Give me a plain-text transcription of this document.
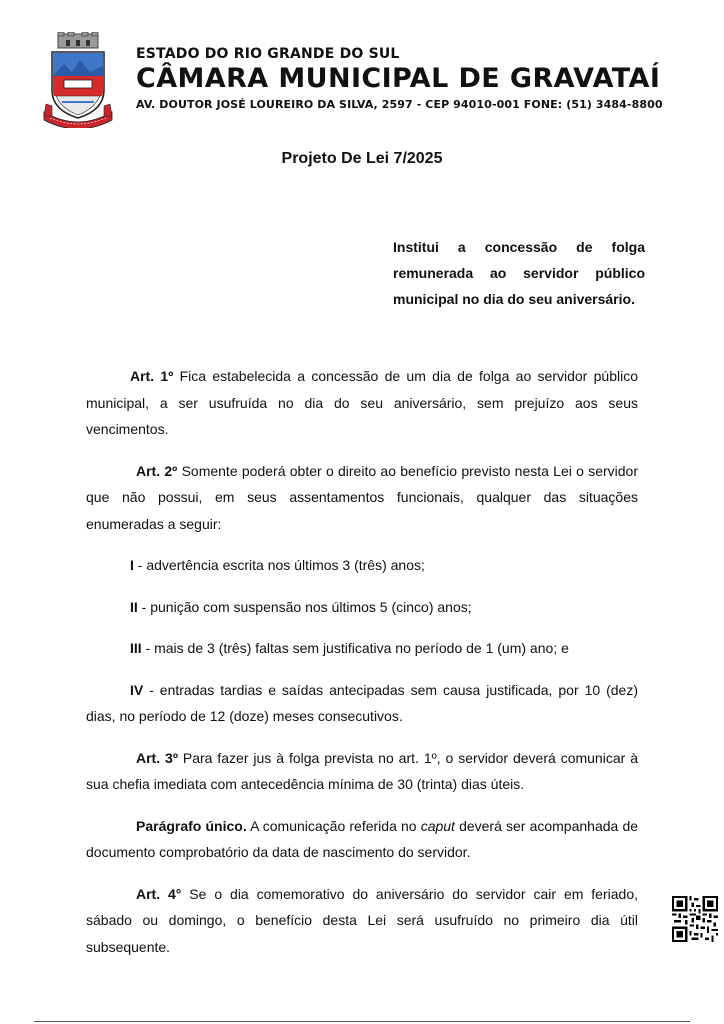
ESTADO DO RIO GRANDE DO SUL
CÂMARA MUNICIPAL DE GRAVATAÍ
AV. DOUTOR JOSÉ LOUREIRO DA SILVA, 2597 - CEP 94010-001 FONE: (51) 3484-8800
Projeto De Lei 7/2025
Institui a concessão de folga remunerada ao servidor público municipal no dia do seu aniversário.

Art. 1º Fica estabelecida a concessão de um dia de folga ao servidor público municipal, a ser usufruída no dia do seu aniversário, sem prejuízo aos seus vencimentos.

Art. 2º Somente poderá obter o direito ao benefício previsto nesta Lei o servidor que não possui, em seus assentamentos funcionais, qualquer das situações enumeradas a seguir:

I - advertência escrita nos últimos 3 (três) anos;

II - punição com suspensão nos últimos 5 (cinco) anos;

III - mais de 3 (três) faltas sem justificativa no período de 1 (um) ano; e

IV - entradas tardias e saídas antecipadas sem causa justificada, por 10 (dez) dias, no período de 12 (doze) meses consecutivos.

Art. 3º Para fazer jus à folga prevista no art. 1º, o servidor deverá comunicar à sua chefia imediata com antecedência mínima de 30 (trinta) dias úteis.

Parágrafo único. A comunicação referida no caput deverá ser acompanhada de documento comprobatório da data de nascimento do servidor.

Art. 4° Se o dia comemorativo do aniversário do servidor cair em feriado, sábado ou domingo, o benefício desta Lei será usufruído no primeiro dia útil subsequente.
